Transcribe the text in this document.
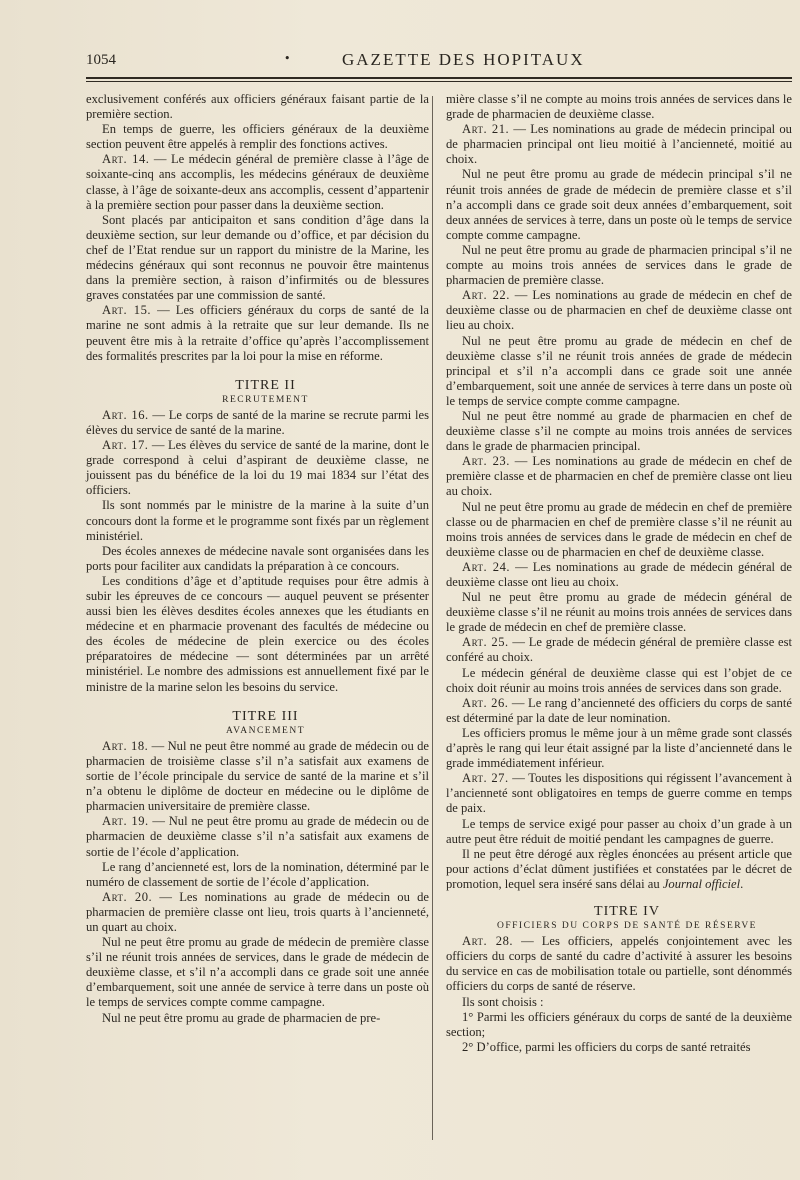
1054	•	GAZETTE DES HOPITAUX

exclusivement conférés aux officiers généraux faisant partie de la première section.

En temps de guerre, les officiers généraux de la deuxième section peuvent être appelés à remplir des fonctions actives.

Art. 14. — Le médecin général de première classe à l’âge de soixante-cinq ans accomplis, les médecins généraux de deuxième classe, à l’âge de soixante-deux ans accomplis, cessent d’appartenir à la première section pour passer dans la deuxième section.

Sont placés par anticipaiton et sans condition d’âge dans la deuxième section, sur leur demande ou d’office, et par décision du chef de l’Etat rendue sur un rapport du ministre de la Marine, les médecins généraux qui sont reconnus ne pouvoir être maintenus dans la première section, à raison d’infirmités ou de blessures graves constatées par une commission de santé.

Art. 15. — Les officiers généraux du corps de santé de la marine ne sont admis à la retraite que sur leur demande. Ils ne peuvent être mis à la retraite d’office qu’après l’accomplissement des formalités prescrites par la loi pour la mise en réforme.

TITRE II

RECRUTEMENT

Art. 16. — Le corps de santé de la marine se recrute parmi les élèves du service de santé de la marine.

Art. 17. — Les élèves du service de santé de la marine, dont le grade correspond à celui d’aspirant de deuxième classe, ne jouissent pas du bénéfice de la loi du 19 mai 1834 sur l’état des officiers.

Ils sont nommés par le ministre de la marine à la suite d’un concours dont la forme et le programme sont fixés par un règlement ministériel.

Des écoles annexes de médecine navale sont organisées dans les ports pour faciliter aux candidats la préparation à ce concours.

Les conditions d’âge et d’aptitude requises pour être admis à subir les épreuves de ce concours — auquel peuvent se présenter aussi bien les élèves desdites écoles annexes que les étudiants en médecine et en pharmacie provenant des facultés de médecine ou des écoles de médecine de plein exercice ou des écoles préparatoires de médecine — sont déterminées par un arrêté ministériel. Le nombre des admissions est annuellement fixé par le ministre de la marine selon les besoins du service.

TITRE III

AVANCEMENT

Art. 18. — Nul ne peut être nommé au grade de médecin ou de pharmacien de troisième classe s’il n’a satisfait aux examens de sortie de l’école principale du service de santé de la marine et s’il n’a obtenu le diplôme de docteur en médecine ou le diplôme de pharmacien universitaire de première classe.

Art. 19. — Nul ne peut être promu au grade de médecin ou de pharmacien de deuxième classe s’il n’a satisfait aux examens de sortie de l’école d’application.

Le rang d’ancienneté est, lors de la nomination, déterminé par le numéro de classement de sortie de l’école d’application.

Art. 20. — Les nominations au grade de médecin ou de pharmacien de première classe ont lieu, trois quarts à l’ancienneté, un quart au choix.

Nul ne peut être promu au grade de médecin de première classe s’il ne réunit trois années de services, dans le grade de médecin de deuxième classe, et s’il n’a accompli dans ce grade soit une année d’embarquement, soit une année de service à terre dans un poste où le temps de services compte comme campagne.

Nul ne peut être promu au grade de pharmacien de pre-

mière classe s’il ne compte au moins trois années de services dans le grade de pharmacien de deuxième classe.

Art. 21. — Les nominations au grade de médecin principal ou de pharmacien principal ont lieu moitié à l’ancienneté, moitié au choix.

Nul ne peut être promu au grade de médecin principal s’il ne réunit trois années de grade de médecin de première classe et s’il n’a accompli dans ce grade soit deux années d’embarquement, soit deux années de services à terre, dans un poste où le temps de service compte comme campagne.

Nul ne peut être promu au grade de pharmacien principal s’il ne compte au moins trois années de services dans le grade de pharmacien de première classe.

Art. 22. — Les nominations au grade de médecin en chef de deuxième classe ou de pharmacien en chef de deuxième classe ont lieu au choix.

Nul ne peut être promu au grade de médecin en chef de deuxième classe s’il ne réunit trois années de grade de médecin principal et s’il n’a accompli dans ce grade soit une année d’embarquement, soit une année de services à terre dans un poste où le temps de service compte comme campagne.

Nul ne peut être nommé au grade de pharmacien en chef de deuxième classe s’il ne compte au moins trois années de services dans le grade de pharmacien principal.

Art. 23. — Les nominations au grade de médecin en chef de première classe et de pharmacien en chef de première classe ont lieu au choix.

Nul ne peut être promu au grade de médecin en chef de première classe ou de pharmacien en chef de première classe s’il ne réunit au moins trois années de services dans le grade de médecin en chef de deuxième classe ou de pharmacien en chef de deuxième classe.

Art. 24. — Les nominations au grade de médecin général de deuxième classe ont lieu au choix.

Nul ne peut être promu au grade de médecin général de deuxième classe s’il ne réunit au moins trois années de services dans le grade de médecin en chef de première classe.

Art. 25. — Le grade de médecin général de première classe est conféré au choix.

Le médecin général de deuxième classe qui est l’objet de ce choix doit réunir au moins trois années de services dans son grade.

Art. 26. — Le rang d’ancienneté des officiers du corps de santé est déterminé par la date de leur nomination.

Les officiers promus le même jour à un même grade sont classés d’après le rang qui leur était assigné par la liste d’ancienneté dans le grade immédiatement inférieur.

Art. 27. — Toutes les dispositions qui régissent l’avancement à l’ancienneté sont obligatoires en temps de guerre comme en temps de paix.

Le temps de service exigé pour passer au choix d’un grade à un autre peut être réduit de moitié pendant les campagnes de guerre.

Il ne peut être dérogé aux règles énoncées au présent article que pour actions d’éclat dûment justifiées et constatées par le décret de promotion, lequel sera inséré sans délai au Journal officiel.

TITRE IV

OFFICIERS DU CORPS DE SANTÉ DE RÉSERVE

Art. 28. — Les officiers, appelés conjointement avec les officiers du corps de santé du cadre d’activité à assurer les besoins du service en cas de mobilisation totale ou partielle, sont dénommés officiers du corps de santé de réserve.

Ils sont choisis :

1° Parmi les officiers généraux du corps de santé de la deuxième section;

2° D’office, parmi les officiers du corps de santé retraités
